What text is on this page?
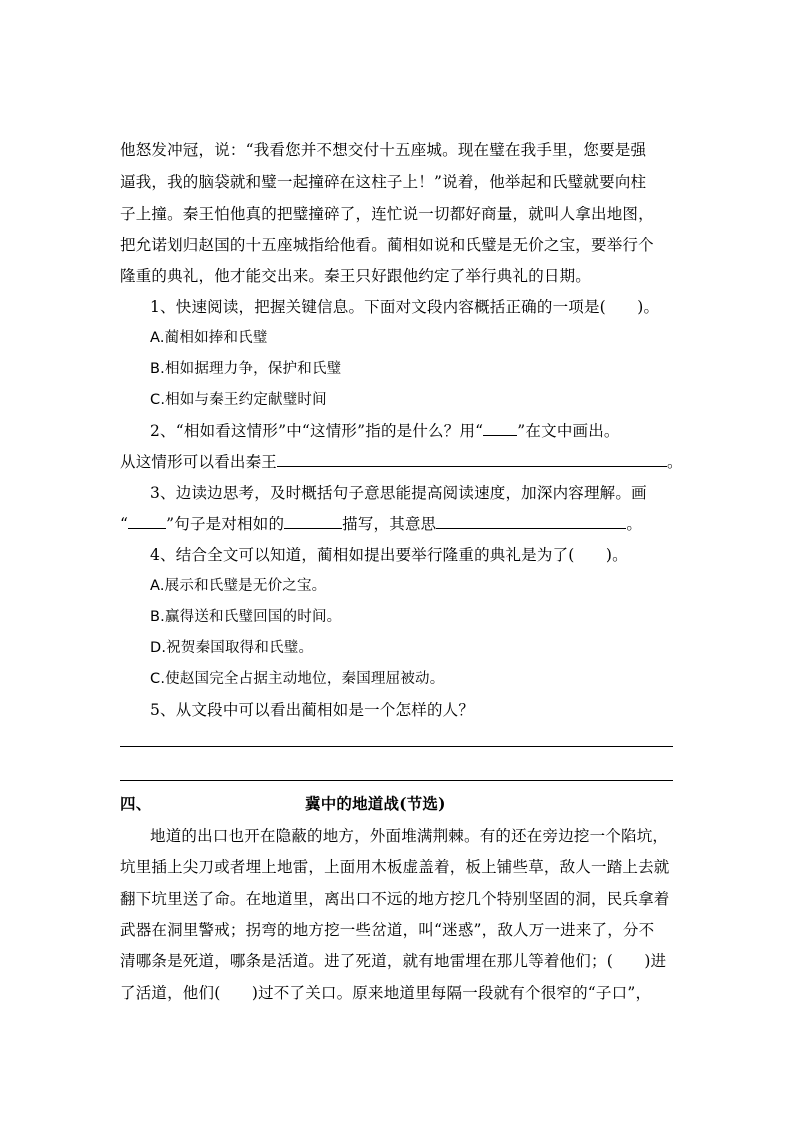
他怒发冲冠，说：“我看您并不想交付十五座城。现在璧在我手里，您要是强
逼我，我的脑袋就和璧一起撞碎在这柱子上！”说着，他举起和氏璧就要向柱
子上撞。秦王怕他真的把璧撞碎了，连忙说一切都好商量，就叫人拿出地图，
把允诺划归赵国的十五座城指给他看。蔺相如说和氏璧是无价之宝，要举行个
隆重的典礼，他才能交出来。秦王只好跟他约定了举行典礼的日期。
1、快速阅读，把握关键信息。下面对文段内容概括正确的一项是(　　)。
A.蔺相如捧和氏璧
B.相如据理力争，保护和氏璧
C.相如与秦王约定献璧时间
2、“相如看这情形”中“这情形”指的是什么？用“ ”在文中画出。
从这情形可以看出秦王	。
3、边读边思考，及时概括句子意思能提高阅读速度，加深内容理解。画
“ ”句子是对相如的	描写，其意思	。
4、结合全文可以知道，蔺相如提出要举行隆重的典礼是为了(　　)。
A.展示和氏璧是无价之宝。
B.赢得送和氏璧回国的时间。
D.祝贺秦国取得和氏璧。
C.使赵国完全占据主动地位，秦国理屈被动。
5、从文段中可以看出蔺相如是一个怎样的人？
四、	冀中的地道战(节选)
地道的出口也开在隐蔽的地方，外面堆满荆棘。有的还在旁边挖一个陷坑，
坑里插上尖刀或者埋上地雷，上面用木板虚盖着，板上铺些草，敌人一踏上去就
翻下坑里送了命。在地道里，离出口不远的地方挖几个特别坚固的洞，民兵拿着
武器在洞里警戒；拐弯的地方挖一些岔道，叫“迷惑”，敌人万一进来了，分不
清哪条是死道，哪条是活道。进了死道，就有地雷埋在那儿等着他们；(　　)进
了活道，他们(　　)过不了关口。原来地道里每隔一段就有个很窄的“子口”，
